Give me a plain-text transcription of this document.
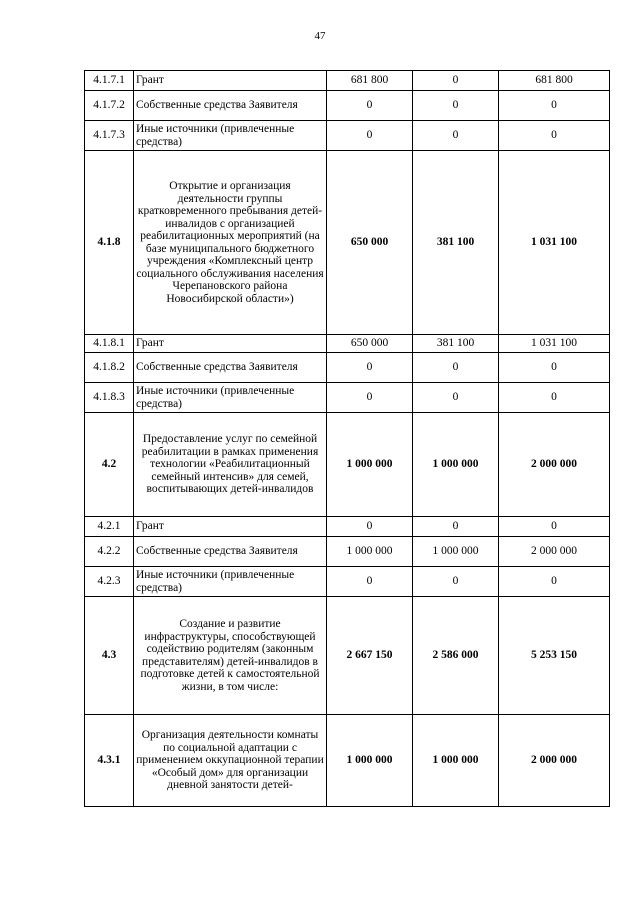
47
4.1.7.1	Грант	681 800	0	681 800
4.1.7.2	Собственные средства Заявителя	0	0	0
4.1.7.3	Иные источники (привлеченные средства)	0	0	0
4.1.8	Открытие и организация деятельности группы кратковременного пребывания детей-инвалидов с организацией реабилитационных мероприятий (на базе муниципального бюджетного учреждения «Комплексный центр социального обслуживания населения Черепановского района Новосибирской области»)	650 000	381 100	1 031 100
4.1.8.1	Грант	650 000	381 100	1 031 100
4.1.8.2	Собственные средства Заявителя	0	0	0
4.1.8.3	Иные источники (привлеченные средства)	0	0	0
4.2	Предоставление услуг по семейной реабилитации в рамках применения технологии «Реабилитационный семейный интенсив» для семей, воспитывающих детей-инвалидов	1 000 000	1 000 000	2 000 000
4.2.1	Грант	0	0	0
4.2.2	Собственные средства Заявителя	1 000 000	1 000 000	2 000 000
4.2.3	Иные источники (привлеченные средства)	0	0	0
4.3	Создание и развитие инфраструктуры, способствующей содействию родителям (законным представителям) детей-инвалидов в подготовке детей к самостоятельной жизни, в том числе:	2 667 150	2 586 000	5 253 150
4.3.1	Организация деятельности комнаты по социальной адаптации с применением оккупационной терапии «Особый дом» для организации дневной занятости детей-	1 000 000	1 000 000	2 000 000
